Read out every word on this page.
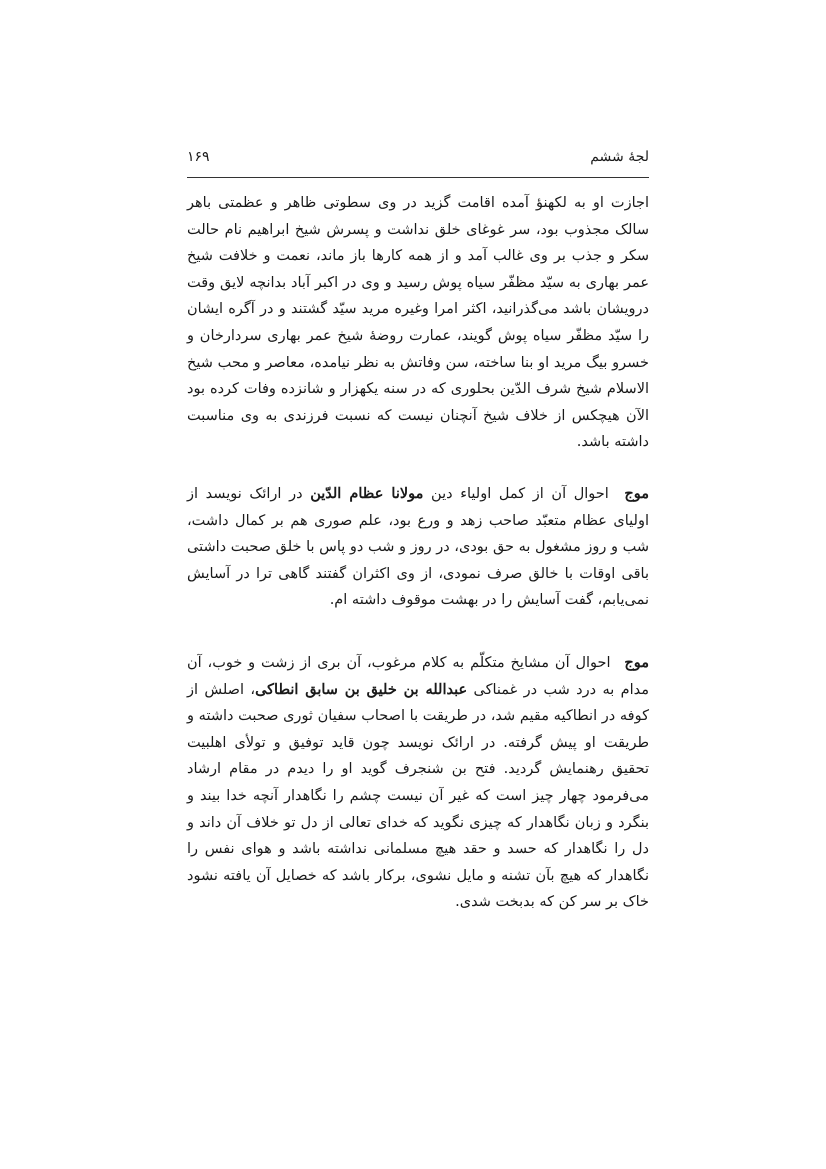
لجۀ ششم
۱۶۹

اجازت او به لکهنؤ آمده اقامت گزید در وی سطوتی ظاهر و عظمتی باهر سالک مجذوب بود، سر غوغای خلق نداشت و پسرش شیخ ابراهیم نام حالت سکر و جذب بر وی غالب آمد و از همه کارها باز ماند، نعمت و خلافت شیخ عمر بهاری به سیّد مظفّر سیاه پوش رسید و وی در اکبر آباد بدانچه لایق وقت درویشان باشد می‌گذرانید، اکثر امرا وغیره مرید سیّد گشتند و در آگره ایشان را سیّد مظفّر سیاه پوش گویند، عمارت روضۀ شیخ عمر بهاری سردارخان و خسرو بیگ مرید او بنا ساخته، سن وفاتش به نظر نیامده، معاصر و محب شیخ الاسلام شیخ شرف الدّین بحلوری که در سنه یکهزار و شانزده وفات کرده بود الآن هیچکس از خلاف شیخ آنچنان نیست که نسبت فرزندی به وی مناسبت داشته باشد.

موج احوال آن از کمل اولیاء دین مولانا عظام الدّین در ارائک نویسد از اولیای عظام متعبّد صاحب زهد و ورع بود، علم صوری هم بر کمال داشت، شب و روز مشغول به حق بودی، در روز و شب دو پاس با خلق صحبت داشتی باقی اوقات با خالق صرف نمودی، از وی اکثران گفتند گاهی ترا در آسایش نمی‌یابم، گفت آسایش را در بهشت موقوف داشته ام.

موج احوال آن مشایخ متکلّم به کلام مرغوب، آن بری از زشت و خوب، آن مدام به درد شب در غمناکی عبدالله بن خلیق بن سابق انطاکی، اصلش از کوفه در انطاکیه مقیم شد، در طریقت با اصحاب سفیان ثوری صحبت داشته و طریقت او پیش گرفته. در ارائک نویسد چون قاید توفیق و تولأی اهلبیت تحقیق رهنمایش گردید. فتح بن شنجرف گوید او را دیدم در مقام ارشاد می‌فرمود چهار چیز است که غیر آن نیست چشم را نگاهدار آنچه خدا بیند و بنگرد و زبان نگاهدار که چیزی نگوید که خدای تعالی از دل تو خلاف آن داند و دل را نگاهدار که حسد و حقد هیچ مسلمانی نداشته باشد و هوای نفس را نگاهدار که هیچ بآن تشنه و مایل نشوی، برکار باشد که خصایل آن یافته نشود خاک بر سر کن که بدبخت شدی.
